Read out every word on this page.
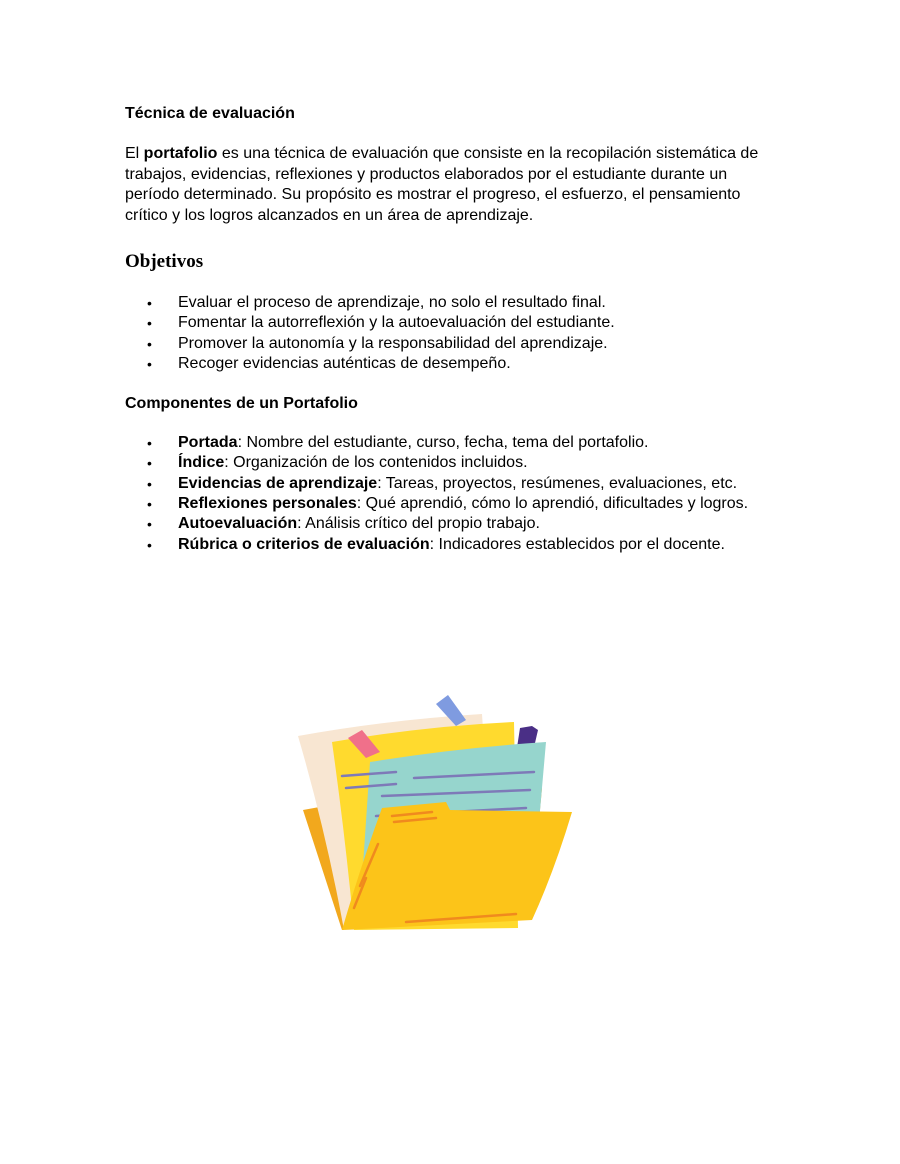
Técnica de evaluación

El portafolio es una técnica de evaluación que consiste en la recopilación sistemática de trabajos, evidencias, reflexiones y productos elaborados por el estudiante durante un período determinado. Su propósito es mostrar el progreso, el esfuerzo, el pensamiento crítico y los logros alcanzados en un área de aprendizaje.

Objetivos
• Evaluar el proceso de aprendizaje, no solo el resultado final.
• Fomentar la autorreflexión y la autoevaluación del estudiante.
• Promover la autonomía y la responsabilidad del aprendizaje.
• Recoger evidencias auténticas de desempeño.

Componentes de un Portafolio

• Portada: Nombre del estudiante, curso, fecha, tema del portafolio.
• Índice: Organización de los contenidos incluidos.
• Evidencias de aprendizaje: Tareas, proyectos, resúmenes, evaluaciones, etc.
• Reflexiones personales: Qué aprendió, cómo lo aprendió, dificultades y logros.
• Autoevaluación: Análisis crítico del propio trabajo.
• Rúbrica o criterios de evaluación: Indicadores establecidos por el docente.
